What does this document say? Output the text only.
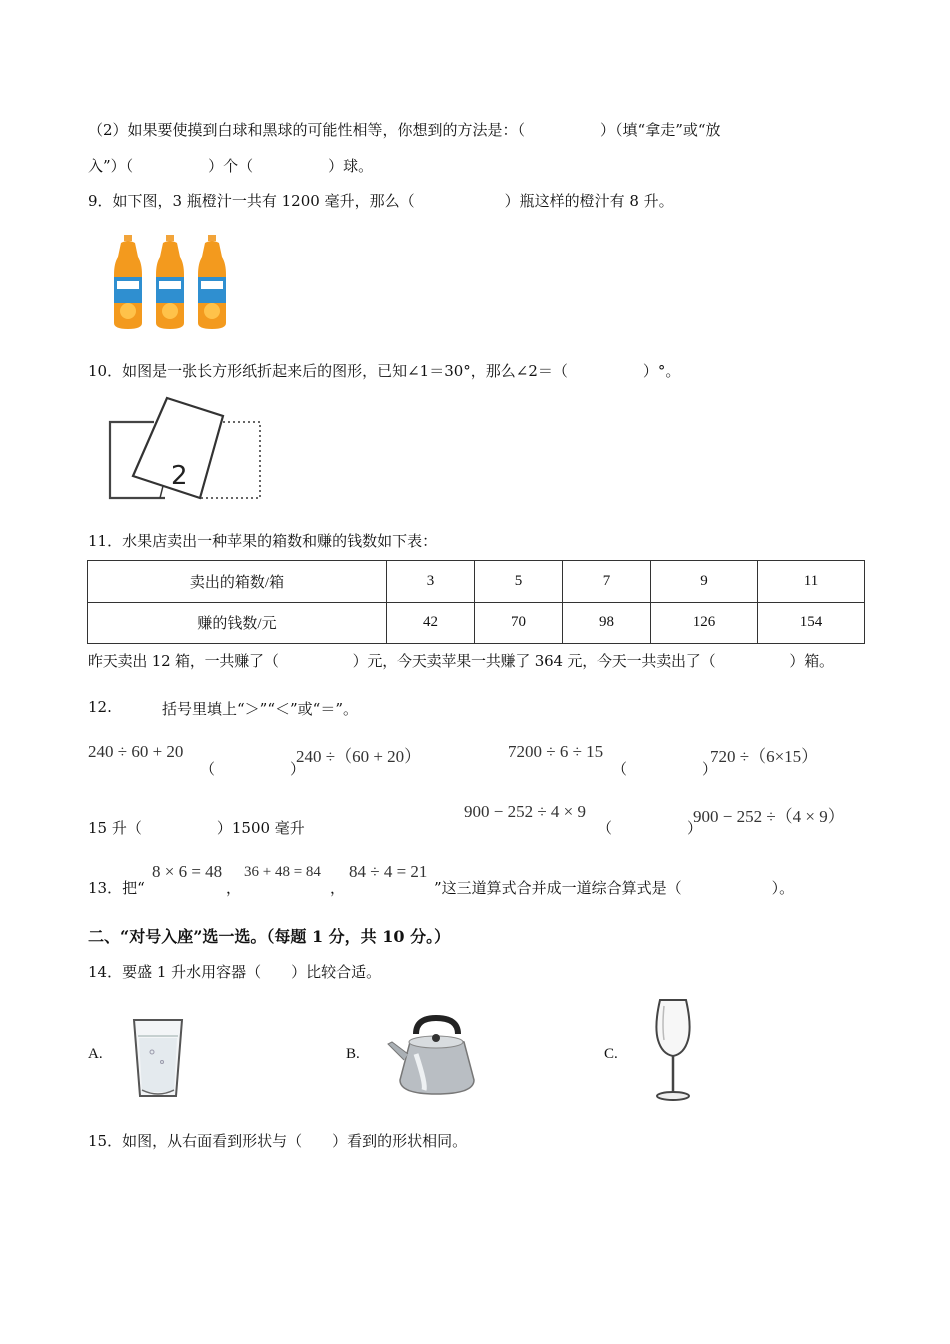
（2）如果要使摸到白球和黑球的可能性相等，你想到的方法是：（　　　　　）（填“拿走”或“放
入”）（　　　　　）个（　　　　　）球。
9．如下图，3 瓶橙汁一共有 1200 毫升，那么（　　　　　　）瓶这样的橙汁有 8 升。
10．如图是一张长方形纸折起来后的图形，已知∠1＝30°，那么∠2＝（　　　　　）°。
2
11．水果店卖出一种苹果的箱数和赚的钱数如下表：
卖出的箱数/箱	3	5	7	9	11
赚的钱数/元	42	70	98	126	154
昨天卖出 12 箱，一共赚了（　　　　　）元，今天卖苹果一共赚了 364 元，今天一共卖出了（　　　　　）箱。
12.	括号里填上“＞”“＜”或“＝”。
240 ÷ 60 + 20
（　　　　　）
240 ÷（60 + 20）	7200 ÷ 6 ÷ 15
（　　　　　）
720 ÷（6×15）
15 升（　　　　　）1500 毫升
900 − 252 ÷ 4 × 9
（　　　　　）
900 − 252 ÷（4 × 9）
13．把“
8 × 6 = 48
，
36 + 48 = 84
，
84 ÷ 4 = 21
”这三道算式合并成一道综合算式是（　　　　　　）。
二、“对号入座”选一选。（每题 1 分，共 10 分。）
14．要盛 1 升水用容器（　　）比较合适。
A.	B.	C.
15．如图，从右面看到形状与（　　）看到的形状相同。
